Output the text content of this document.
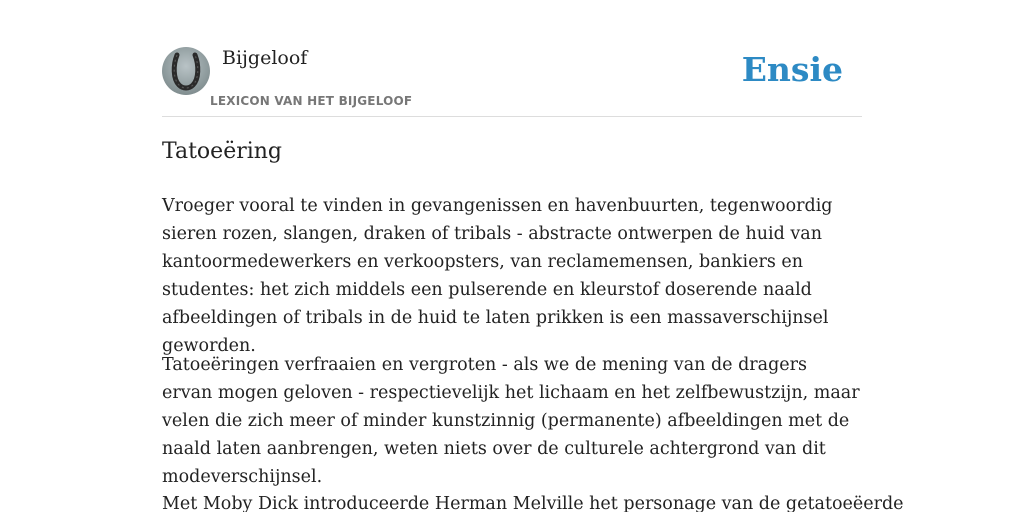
Bijgeloof
LEXICON VAN HET BIJGELOOF
Ensie
Tatoeëring

Vroeger vooral te vinden in gevangenissen en havenbuurten, tegenwoordig sieren rozen, slangen, draken of tribals - abstracte ontwerpen de huid van kantoormedewerkers en verkoopsters, van reclamemensen, bankiers en studentes: het zich middels een pulserende en kleurstof doserende naald afbeeldingen of tribals in de huid te laten prikken is een massaverschijnsel geworden.

Tatoeëringen verfraaien en vergroten - als we de mening van de dragers ervan mogen geloven - respectievelijk het lichaam en het zelfbewustzijn, maar velen die zich meer of minder kunstzinnig (permanente) afbeeldingen met de naald laten aanbrengen, weten niets over de culturele achtergrond van dit modeverschijnsel.

Met Moby Dick introduceerde Herman Melville het personage van de getatoeëerde
